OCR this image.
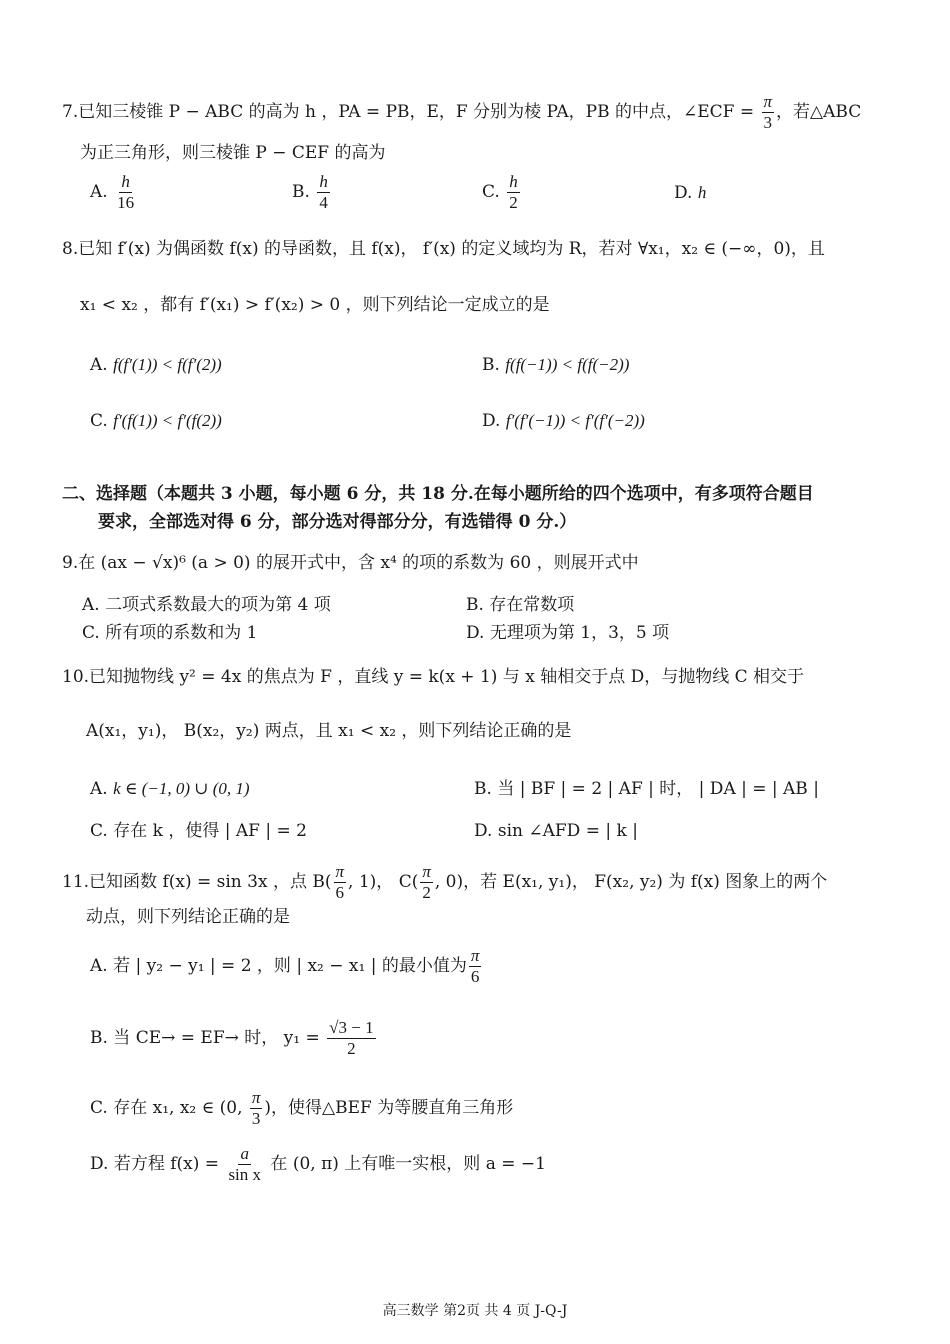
7.已知三棱锥 P − ABC 的高为 h ，PA = PB，E，F 分别为棱 PA，PB 的中点，∠ECF = $\frac{\pi}{3}$ ，若△ABC
为正三角形，则三棱锥 P − CEF 的高为
A. $\frac{h}{16}$	B. $\frac{h}{4}$	C. $\frac{h}{2}$	D. h
8.已知 f′(x) 为偶函数 f(x) 的导函数，且 f(x)， f′(x) 的定义域均为 R，若对 ∀x₁，x₂ ∈ (−∞，0)，且
x₁ < x₂ ，都有 f′(x₁) > f′(x₂) > 0 ，则下列结论一定成立的是
A. f(f′(1)) < f(f′(2))	B. f(f(−1)) < f(f(−2))
C. f′(f(1)) < f′(f(2))	D. f′(f′(−1)) < f′(f′(−2))
二、选择题（本题共 3 小题，每小题 6 分，共 18 分.在每小题所给的四个选项中，有多项符合题目
要求，全部选对得 6 分，部分选对得部分分，有选错得 0 分.）
9.在 (ax − √x)⁶ (a > 0) 的展开式中，含 x⁴ 的项的系数为 60 ，则展开式中
A. 二项式系数最大的项为第 4 项	B. 存在常数项
C. 所有项的系数和为 1	D. 无理项为第 1，3，5 项
10.已知抛物线 y² = 4x 的焦点为 F ，直线 y = k(x + 1) 与 x 轴相交于点 D，与抛物线 C 相交于
A(x₁，y₁)， B(x₂，y₂) 两点，且 x₁ < x₂ ，则下列结论正确的是
A. k ∈ (−1, 0) ∪ (0, 1)	B. 当 | BF | = 2 | AF | 时， | DA | = | AB |
C. 存在 k ，使得 | AF | = 2	D. sin ∠AFD = | k |
11.已知函数 f(x) = sin 3x ，点 $B( \frac{\pi}{6}$ , 1)， $C( \frac{\pi}{2}$ , 0)，若 E(x₁, y₁)， F(x₂, y₂) 为 f(x) 图象上的两个
动点，则下列结论正确的是
A. 若 | y₂ − y₁ | = 2 ，则 | x₂ − x₁ | 的最小值为 $\frac{\pi}{6}$
B. 当 CE→ = EF→ 时， $y_1 = \frac{√3 - 1}{2}$
C. 存在 x₁, x₂ ∈ (0, $\frac{\pi}{3}$ )，使得△BEF 为等腰直角三角形
D. 若方程 $f(x) = \frac{a}{\text{sin x}}$ 在 (0, π) 上有唯一实根，则 a = −1
高三数学 第2页 共 4 页 J-Q-J
